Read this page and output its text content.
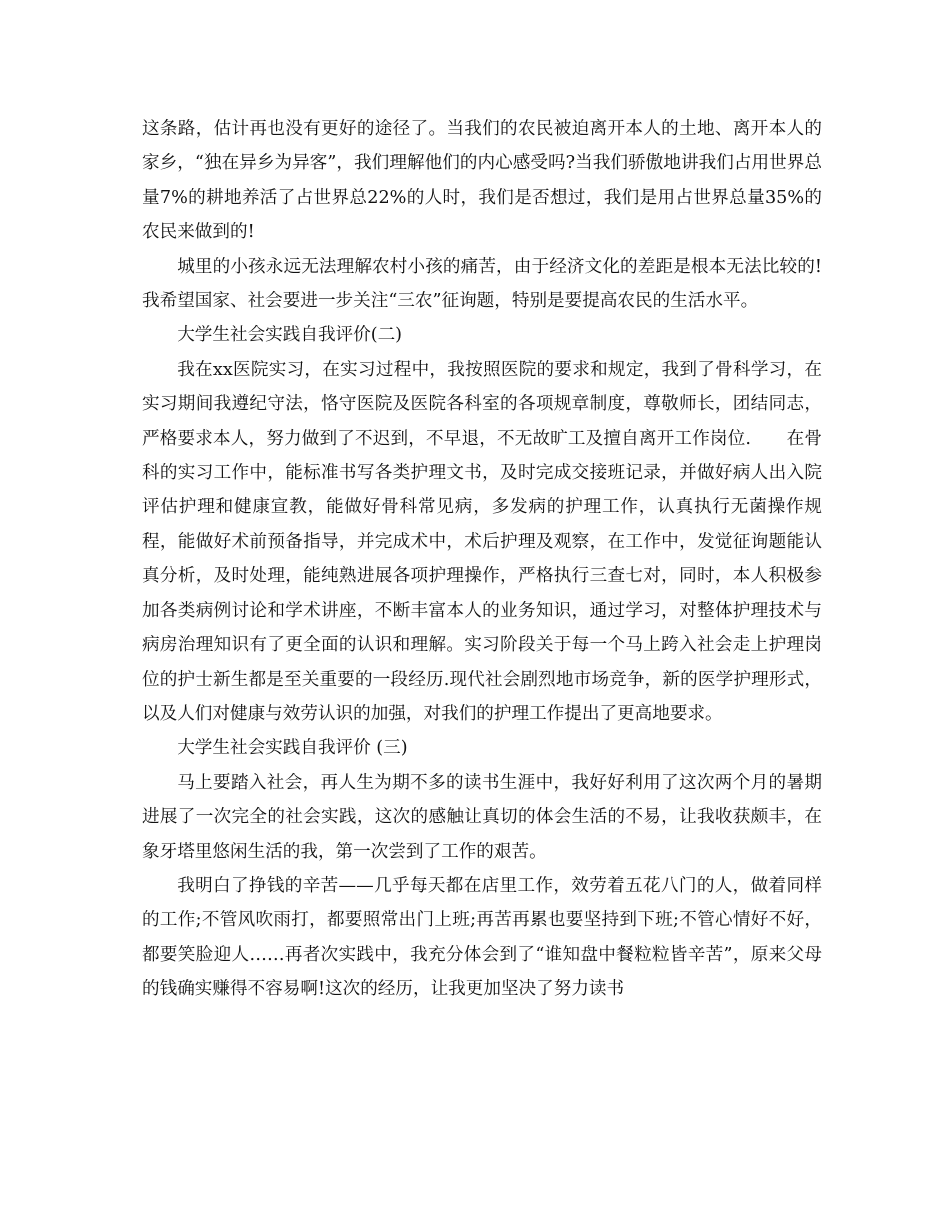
这条路，估计再也没有更好的途径了。当我们的农民被迫离开本人的土地、离开本人的家乡，“独在异乡为异客”，我们理解他们的内心感受吗?当我们骄傲地讲我们占用世界总量7%的耕地养活了占世界总22%的人时，我们是否想过，我们是用占世界总量35%的农民来做到的!

城里的小孩永远无法理解农村小孩的痛苦，由于经济文化的差距是根本无法比较的!我希望国家、社会要进一步关注“三农”征询题，特别是要提高农民的生活水平。

大学生社会实践自我评价(二)

我在xx医院实习，在实习过程中，我按照医院的要求和规定，我到了骨科学习，在实习期间我遵纪守法，恪守医院及医院各科室的各项规章制度，尊敬师长，团结同志，严格要求本人，努力做到了不迟到，不早退，不无故旷工及擅自离开工作岗位.　　在骨科的实习工作中，能标准书写各类护理文书，及时完成交接班记录，并做好病人出入院评估护理和健康宣教，能做好骨科常见病，多发病的护理工作，认真执行无菌操作规程，能做好术前预备指导，并完成术中，术后护理及观察，在工作中，发觉征询题能认真分析，及时处理，能纯熟进展各项护理操作，严格执行三查七对，同时，本人积极参加各类病例讨论和学术讲座，不断丰富本人的业务知识，通过学习，对整体护理技术与病房治理知识有了更全面的认识和理解。实习阶段关于每一个马上跨入社会走上护理岗位的护士新生都是至关重要的一段经历.现代社会剧烈地市场竞争，新的医学护理形式，以及人们对健康与效劳认识的加强，对我们的护理工作提出了更高地要求。

大学生社会实践自我评价 (三)

马上要踏入社会，再人生为期不多的读书生涯中，我好好利用了这次两个月的暑期进展了一次完全的社会实践，这次的感触让真切的体会生活的不易，让我收获颇丰，在象牙塔里悠闲生活的我，第一次尝到了工作的艰苦。

我明白了挣钱的辛苦——几乎每天都在店里工作，效劳着五花八门的人，做着同样的工作;不管风吹雨打，都要照常出门上班;再苦再累也要坚持到下班;不管心情好不好，都要笑脸迎人……再者次实践中，我充分体会到了“谁知盘中餐粒粒皆辛苦”，原来父母的钱确实赚得不容易啊!这次的经历，让我更加坚决了努力读书
